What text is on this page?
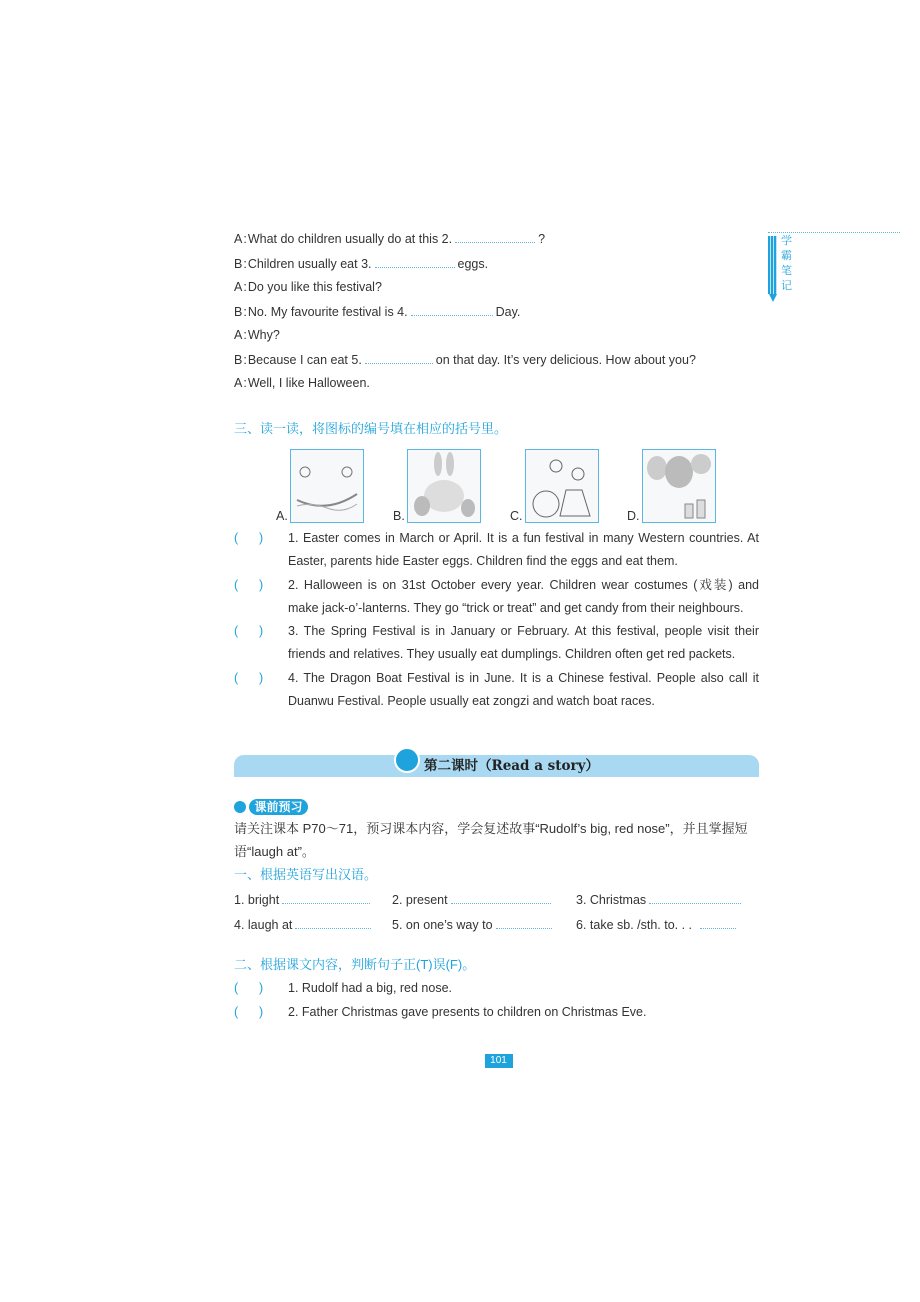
学
霸
笔
记
A:What do children usually do at this 2.	?
B:Children usually eat 3.	eggs.
A:Do you like this festival?
B:No. My favourite festival is 4.	Day.
A:Why?
B:Because I can eat 5.	on that day. It’s very delicious. How about you?
A:Well, I like Halloween.
三、读一读，将图标的编号填在相应的括号里。
A.	B.	C.	D.
(      )	1. Easter comes in March or April. It is a fun festival in many Western countries. At Easter, parents hide Easter eggs. Children find the eggs and eat them.
(      )	2. Halloween is on 31st October every year. Children wear costumes (戏装) and make jack-o’-lanterns. They go “trick or treat” and get candy from their neighbours.
(      )	3. The Spring Festival is in January or February. At this festival, people visit their friends and relatives. They usually eat dumplings. Children often get red packets.
(      )	4. The Dragon Boat Festival is in June. It is a Chinese festival. People also call it Duanwu Festival. People usually eat zongzi and watch boat races.
第二课时（Read a story）
课前预习
请关注课本 P70～71，预习课本内容，学会复述故事“Rudolf’s big, red nose”，并且掌握短语“laugh at”。
一、根据英语写出汉语。
1. bright	2. present	3. Christmas
4. laugh at	5. on one’s way to	6. take sb. /sth. to. . .
二、根据课文内容，判断句子正(T)误(F)。
(      )	1. Rudolf had a big, red nose.
(      )	2. Father Christmas gave presents to children on Christmas Eve.
101
